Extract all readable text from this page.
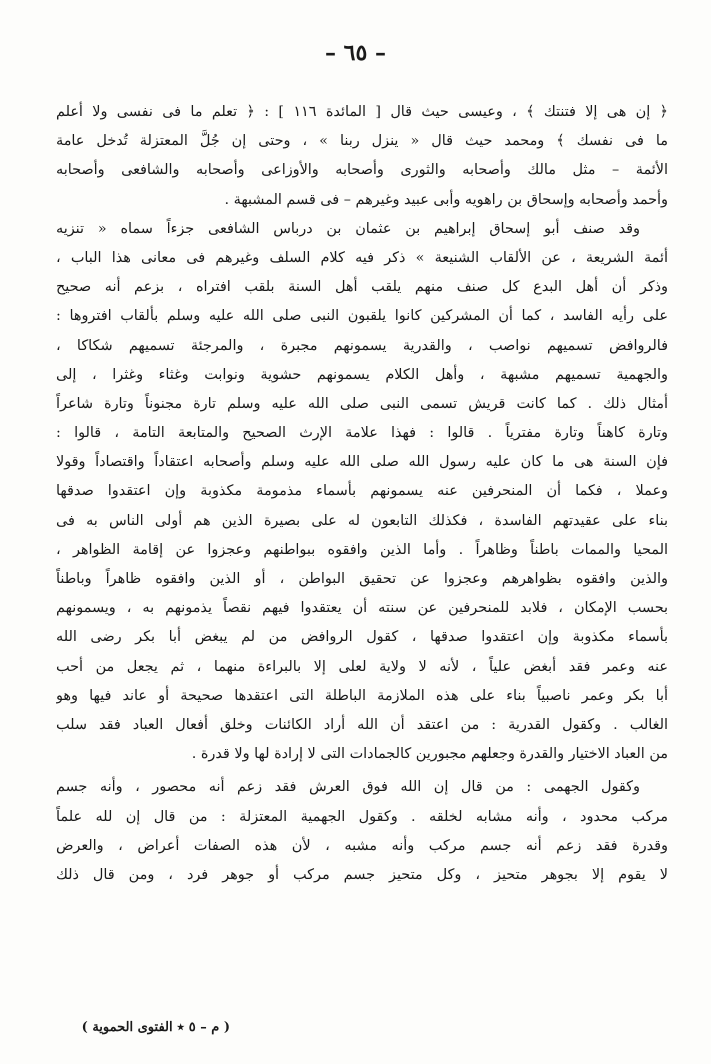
– ٦٥ –
﴿ إن هى إلا فتنتك ﴾ ، وعيسى حيث قال [ المائدة ١١٦ ] : ﴿ تعلم ما فى نفسى ولا أعلم
ما فى نفسك ﴾ ومحمد حيث قال « ينزل ربنا » ، وحتى إن جُلَّ المعتزلة تُدخل عامة
الأئمة – مثل مالك وأصحابه والثورى وأصحابه والأوزاعى وأصحابه والشافعى وأصحابه
وأحمد وأصحابه وإسحاق بن راهويه وأبى عبيد وغيرهم – فى قسم المشبهة .
وقد صنف أبو إسحاق إبراهيم بن عثمان بن درباس الشافعى جزءاً سماه « تنزيه
أئمة الشريعة ، عن الألقاب الشنيعة » ذكر فيه كلام السلف وغيرهم فى معانى هذا الباب ،
وذكر أن أهل البدع كل صنف منهم يلقب أهل السنة بلقب افتراه ، بزعم أنه صحيح
على رأيه الفاسد ، كما أن المشركين كانوا يلقبون النبى صلى الله عليه وسلم بألقاب افتروها :
فالروافض تسميهم نواصب ، والقدرية يسمونهم مجبرة ، والمرجئة تسميهم شكاكا ،
والجهمية تسميهم مشبهة ، وأهل الكلام يسمونهم حشوية ونوابت وغثاء وغثرا ، إلى
أمثال ذلك . كما كانت قريش تسمى النبى صلى الله عليه وسلم تارة مجنوناً وتارة شاعراً
وتارة كاهناً وتارة مفترياً . قالوا : فهذا علامة الإرث الصحيح والمتابعة التامة ، قالوا :
فإن السنة هى ما كان عليه رسول الله صلى الله عليه وسلم وأصحابه اعتقاداً واقتصاداً وقولا
وعملا ، فكما أن المنحرفين عنه يسمونهم بأسماء مذمومة مكذوبة وإن اعتقدوا صدقها
بناء على عقيدتهم الفاسدة ، فكذلك التابعون له على بصيرة الذين هم أولى الناس به فى
المحيا والممات باطناً وظاهراً . وأما الذين وافقوه ببواطنهم وعجزوا عن إقامة الظواهر ،
والذين وافقوه بظواهرهم وعجزوا عن تحقيق البواطن ، أو الذين وافقوه ظاهراً وباطناً
بحسب الإمكان ، فلابد للمنحرفين عن سنته أن يعتقدوا فيهم نقصاً يذمونهم به ، ويسمونهم
بأسماء مكذوبة وإن اعتقدوا صدقها ، كقول الروافض من لم يبغض أبا بكر رضى الله
عنه وعمر فقد أبغض علياً ، لأنه لا ولاية لعلى إلا بالبراءة منهما ، ثم يجعل من أحب
أبا بكر وعمر ناصبياً بناء على هذه الملازمة الباطلة التى اعتقدها صحيحة أو عاند فيها وهو
الغالب . وكقول القدرية : من اعتقد أن الله أراد الكائنات وخلق أفعال العباد فقد سلب
من العباد الاختيار والقدرة وجعلهم مجبورين كالجمادات التى لا إرادة لها ولا قدرة .
وكقول الجهمى : من قال إن الله فوق العرش فقد زعم أنه محصور ، وأنه جسم
مركب محدود ، وأنه مشابه لخلقه . وكقول الجهمية المعتزلة : من قال إن لله علماً
وقدرة فقد زعم أنه جسم مركب وأنه مشبه ، لأن هذه الصفات أعراض ، والعرض
لا يقوم إلا بجوهر متحيز ، وكل متحيز جسم مركب أو جوهر فرد ، ومن قال ذلك
( م – ٥ ٭ الفتوى الحموية )
